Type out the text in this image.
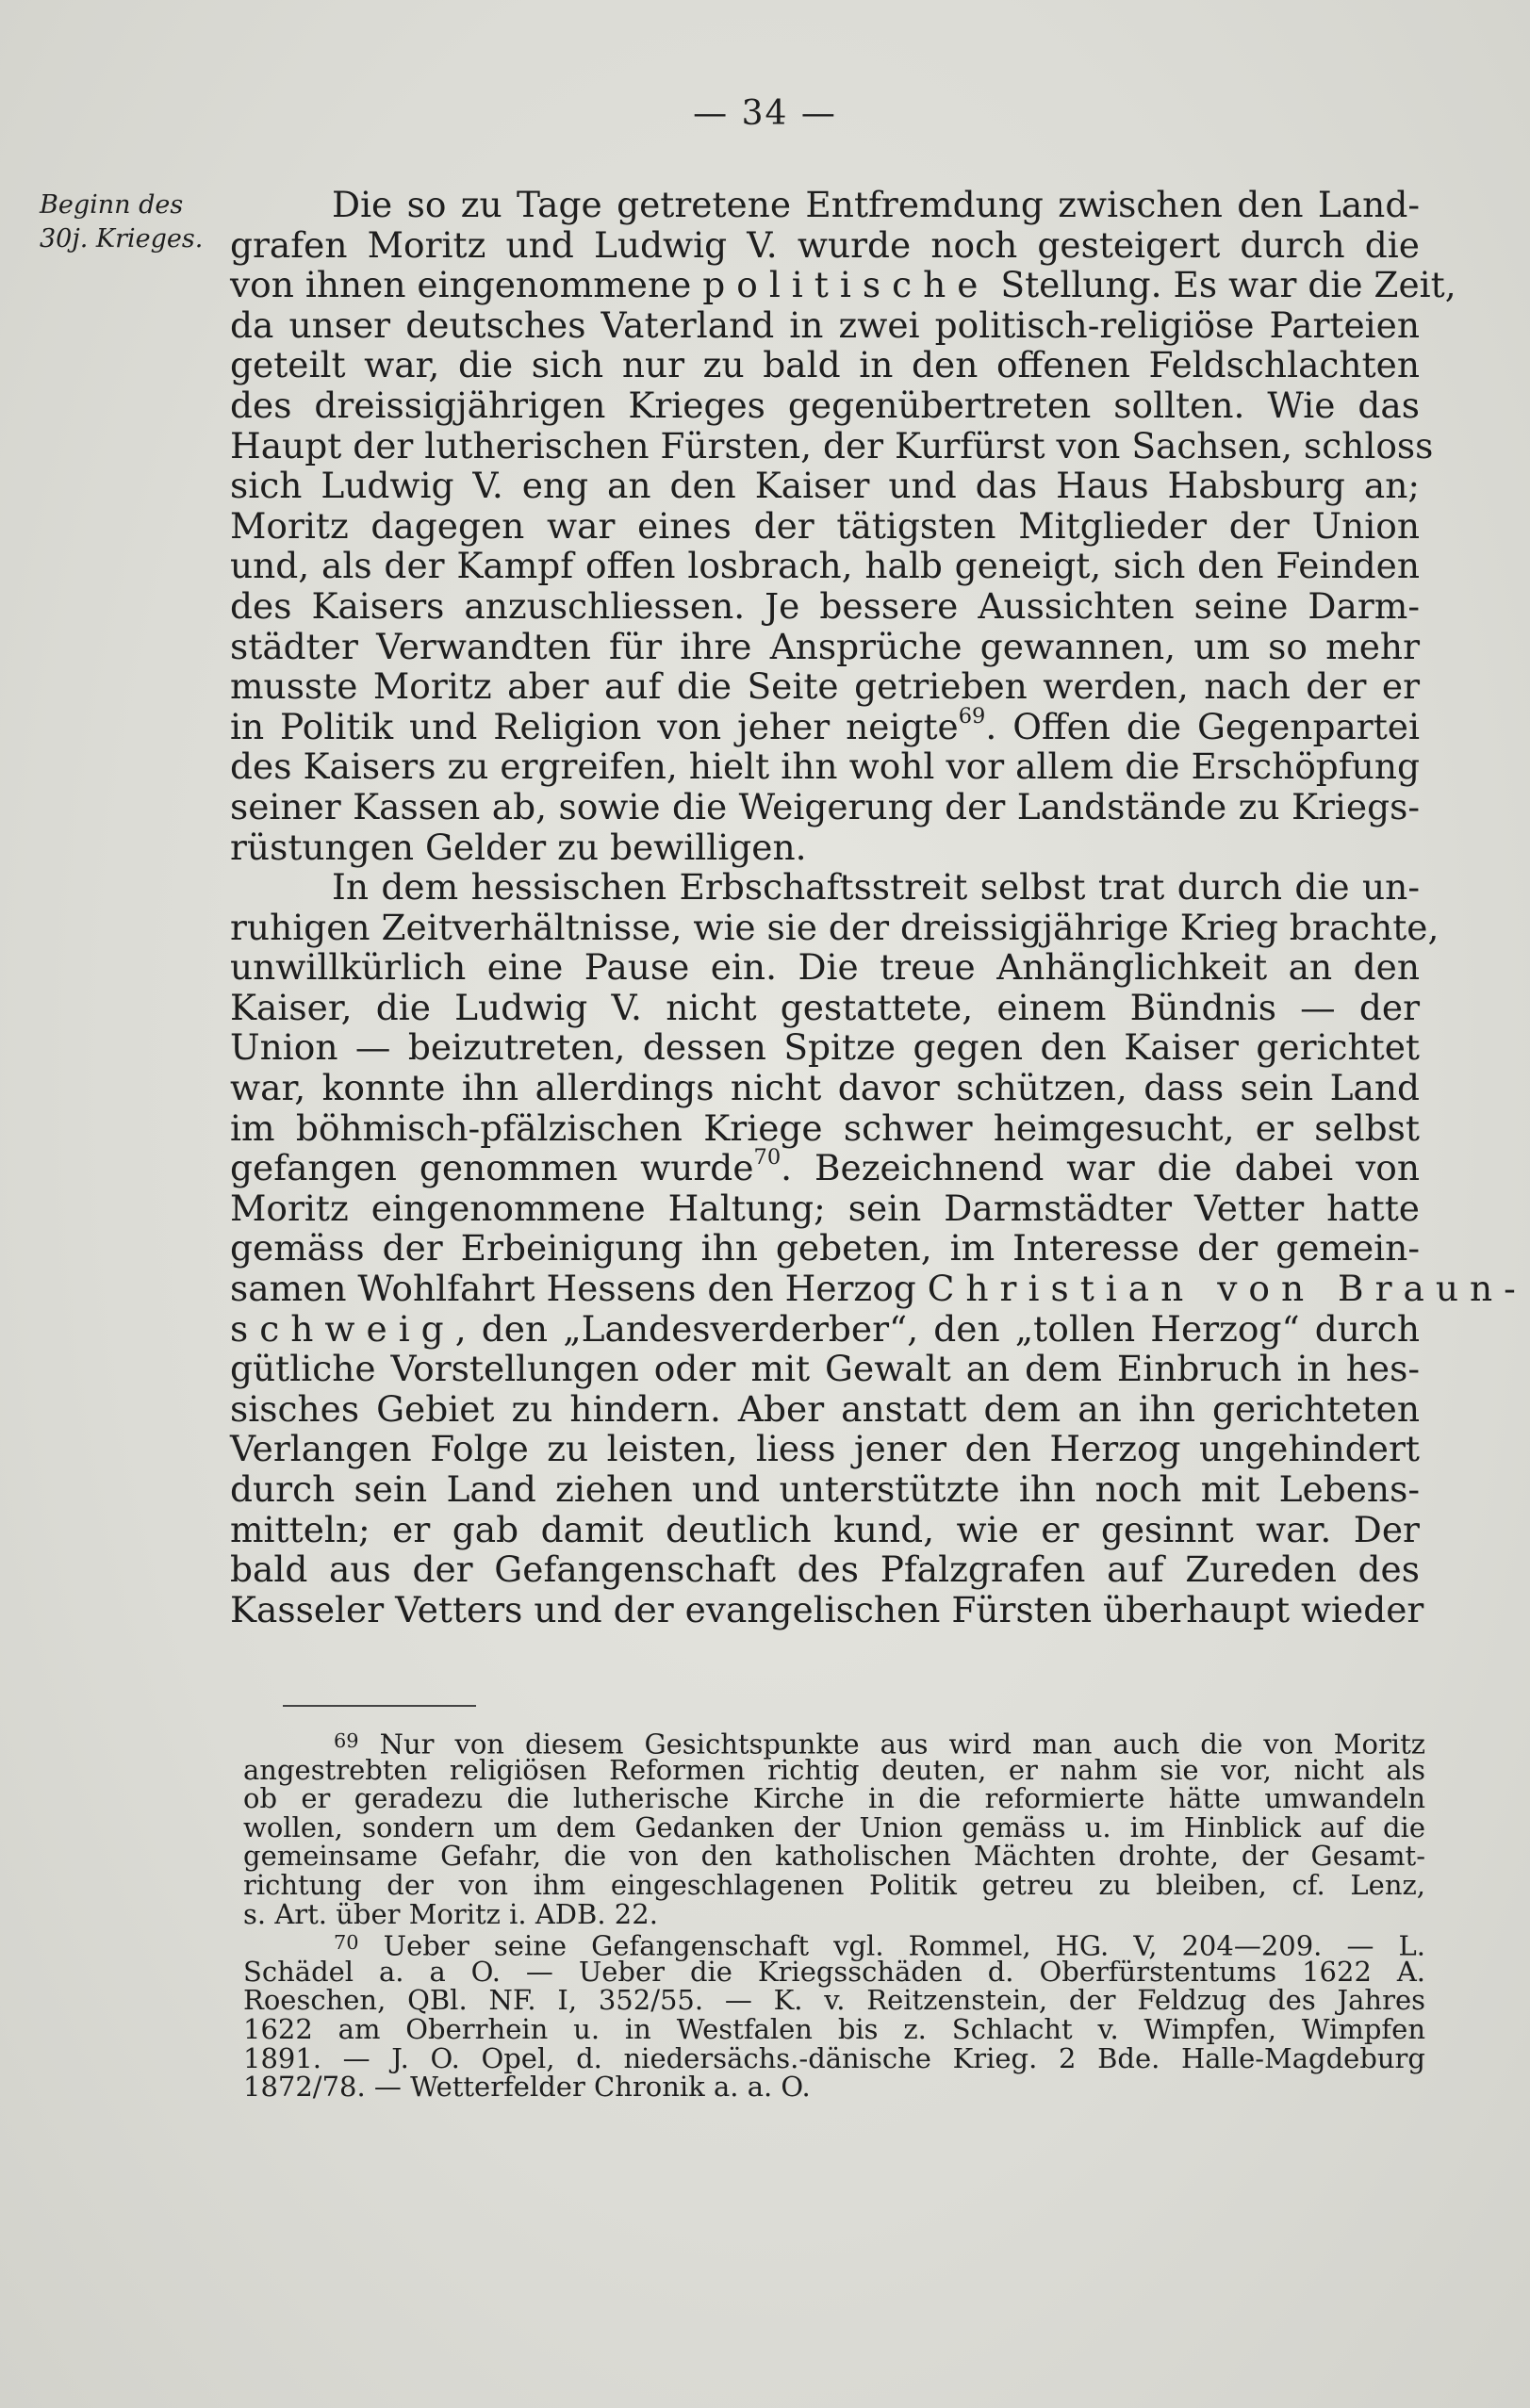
— 34 —
Beginn des
30j. Krieges.
Die so zu Tage getretene Entfremdung zwischen den Land-
grafen Moritz und Ludwig V. wurde noch gesteigert durch die
von ihnen eingenommene politische Stellung. Es war die Zeit,
da unser deutsches Vaterland in zwei politisch-religiöse Parteien
geteilt war, die sich nur zu bald in den offenen Feldschlachten
des dreissigjährigen Krieges gegenübertreten sollten. Wie das
Haupt der lutherischen Fürsten, der Kurfürst von Sachsen, schloss
sich Ludwig V. eng an den Kaiser und das Haus Habsburg an;
Moritz dagegen war eines der tätigsten Mitglieder der Union
und, als der Kampf offen losbrach, halb geneigt, sich den Feinden
des Kaisers anzuschliessen. Je bessere Aussichten seine Darm-
städter Verwandten für ihre Ansprüche gewannen, um so mehr
musste Moritz aber auf die Seite getrieben werden, nach der er
in Politik und Religion von jeher neigte$^{69}$. Offen die Gegenpartei
des Kaisers zu ergreifen, hielt ihn wohl vor allem die Erschöpfung
seiner Kassen ab, sowie die Weigerung der Landstände zu Kriegs-
rüstungen Gelder zu bewilligen.
In dem hessischen Erbschaftsstreit selbst trat durch die un-
ruhigen Zeitverhältnisse, wie sie der dreissigjährige Krieg brachte,
unwillkürlich eine Pause ein. Die treue Anhänglichkeit an den
Kaiser, die Ludwig V. nicht gestattete, einem Bündnis — der
Union — beizutreten, dessen Spitze gegen den Kaiser gerichtet
war, konnte ihn allerdings nicht davor schützen, dass sein Land
im böhmisch-pfälzischen Kriege schwer heimgesucht, er selbst
gefangen genommen wurde$^{70}$. Bezeichnend war die dabei von
Moritz eingenommene Haltung; sein Darmstädter Vetter hatte
gemäss der Erbeinigung ihn gebeten, im Interesse der gemein-
samen Wohlfahrt Hessens den Herzog Christian von Braun-
schweig, den „Landesverderber“, den „tollen Herzog“ durch
gütliche Vorstellungen oder mit Gewalt an dem Einbruch in hes-
sisches Gebiet zu hindern. Aber anstatt dem an ihn gerichteten
Verlangen Folge zu leisten, liess jener den Herzog ungehindert
durch sein Land ziehen und unterstützte ihn noch mit Lebens-
mitteln; er gab damit deutlich kund, wie er gesinnt war. Der
bald aus der Gefangenschaft des Pfalzgrafen auf Zureden des
Kasseler Vetters und der evangelischen Fürsten überhaupt wieder
$^{69}$ Nur von diesem Gesichtspunkte aus wird man auch die von Moritz
angestrebten religiösen Reformen richtig deuten, er nahm sie vor, nicht als
ob er geradezu die lutherische Kirche in die reformierte hätte umwandeln
wollen, sondern um dem Gedanken der Union gemäss u. im Hinblick auf die
gemeinsame Gefahr, die von den katholischen Mächten drohte, der Gesamt-
richtung der von ihm eingeschlagenen Politik getreu zu bleiben, cf. Lenz,
s. Art. über Moritz i. ADB. 22.
$^{70}$ Ueber seine Gefangenschaft vgl. Rommel, HG. V, 204—209. — L.
Schädel a. a O. — Ueber die Kriegsschäden d. Oberfürstentums 1622 A.
Roeschen, QBl. NF. I, 352/55. — K. v. Reitzenstein, der Feldzug des Jahres
1622 am Oberrhein u. in Westfalen bis z. Schlacht v. Wimpfen, Wimpfen
1891. — J. O. Opel, d. niedersächs.-dänische Krieg. 2 Bde. Halle-Magdeburg
1872/78. — Wetterfelder Chronik a. a. O.
